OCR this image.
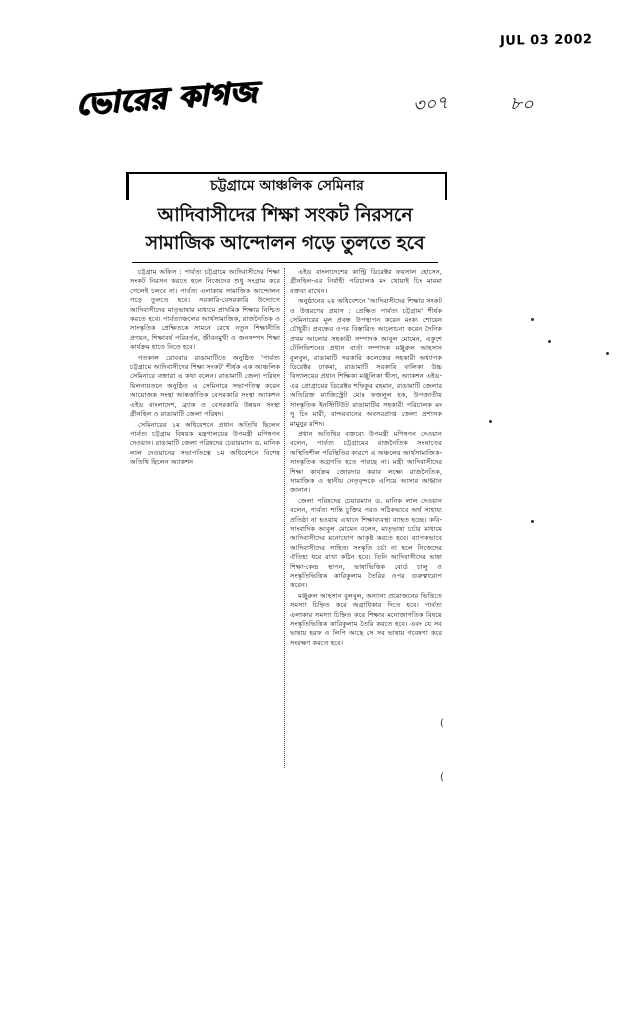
JUL 03 2002
ভোরের কাগজ	৩০৭	৮০
চট্টগ্রামে আঞ্চলিক সেমিনার
আদিবাসীদের শিক্ষা সংকট নিরসনে
সামাজিক আন্দোলন গড়ে তুলতে হবে

চট্টগ্রাম অফিস : পার্বত্য চট্টগ্রামে আদিবাসীদের শিক্ষা সংকট নিরসন করতে হলে নিজেদের শুধু সংগ্রাম করে গেলেই চলবে না। পার্বত্য এলাকায় সামাজিক আন্দোলন গড়ে তুলতে হবে। সরকারি-বেসরকারি উদ্যোগে আদিবাসীদের মাতৃভাষার মাধ্যমে প্রাথমিক শিক্ষার নিশ্চিত করতে হবে। পার্বত্যাঞ্চলের আর্থসামাজিক, রাজনৈতিক ও সাংস্কৃতিক প্রেক্ষিতকে সামনে রেখে নতুন শিক্ষানীতি প্রণয়ন, শিক্ষাবর্ষ পরিবর্তন, জীবনমুখী ও জনসম্পদ শিক্ষা কার্যক্রম হাতে নিতে হবে।

গতকাল রোববার রাঙামাটিতে অনুষ্ঠিত 'পার্বত্য চট্টগ্রামে আদিবাসীদের শিক্ষা সংকট' শীর্ষক এক আঞ্চলিক সেমিনারে বক্তারা এ কথা বলেন। রাঙামাটি জেলা পরিষদ মিলনায়তনে অনুষ্ঠিত এ সেমিনারে সভাপতিত্ব করেন আয়োজক সংস্থা আন্তর্জাতিক বেসরকারি সংস্থা অ্যাকশন এইড বাংলাদেশ, ব্র্যাক ও বেসরকারি উন্নয়ন সংস্থা গ্রীনহিল ও রাঙামাটি জেলা পরিষদ।

সেমিনারের ১ম অধিবেশনে প্রধান অতিথি ছিলেন পার্বত্য চট্টগ্রাম বিষয়ক মন্ত্রণালয়ের উপমন্ত্রী মণিস্বপন দেওয়ান। রাঙামাটি জেলা পরিষদের চেয়ারম্যান ড. মানিক লাল দেওয়ানের সভাপতিত্বে ১ম অধিবেশনে বিশেষ অতিথি ছিলেন অ্যাকশন

এইড বাংলাদেশের কান্ট্রি ডিরেক্টর ফয়সাল হোসেন, গ্রীনহিল-এর নির্বাহী পরিচালক মং থোয়াই চিং মারমা বক্তব্য রাখেন।

অনুষ্ঠানের ২য় অধিবেশনে 'আদিবাসীদের শিক্ষার সংকট ও উত্তরণের প্রয়াস : প্রেক্ষিত পার্বত্য চট্টগ্রাম' শীর্ষক সেমিনারের মূল প্রবন্ধ উপস্থাপন করেন মংক্য শোয়েন চৌধুরী। প্রবন্ধের ওপর বিস্তারিত আলোচনা করেন দৈনিক প্রথম আলোর সহকারী সম্পাদক আবুল মোমেন, একুশে টেলিভিশনের প্রধান বার্তা সম্পাদক মঞ্জুরুল আহসান বুলবুল, রাঙামাটি সরকারি কলেজের সহকারী অধ্যাপক ডিরেক্টর ঢাকমা, রাঙামাটি সরকারি বালিকা উচ্চ বিদ্যালয়ের প্রধান শিক্ষিকা মঞ্জুলিকা খীসা, অ্যাকশন এইড-এর প্রোগ্রামের ডিরেক্টর শফিকুর রহমান, রাঙামাটি জেলার অতিরিক্ত ম্যাজিস্ট্রেট মোঃ ফজলুল হক, উপজাতীয় সাংস্কৃতিক ইনস্টিটিউট রাঙামাটির সহকারী পরিচালক মং সু চিং মারী, বান্দরবানের অবসরপ্রাপ্ত জেলা প্রশাসক মামুনুর রশিদ।

প্রধান অতিথির বক্তব্যে উপমন্ত্রী মণিস্বপন দেওয়ান বলেন, পার্বত্য চট্টগ্রামের রাজনৈতিক সংঘাতের অস্থিতিশীল পরিস্থিতির কারণে এ অঞ্চলের আর্থসামাজিক-সাংস্কৃতিক অগ্রগতি হতে পারছে না। মন্ত্রী আদিবাসীদের শিক্ষা কার্যক্রম জোরদার করার লক্ষ্যে রাজনৈতিক, সামাজিক ও স্থানীয় নেতৃবৃন্দকে এগিয়ে আসার আহ্বান জানান।

জেলা পরিষদের চেয়ারম্যান ড. মানিক লাল দেওয়ান বলেন, পার্বত্য শান্তি চুক্তির পরও সঠিকভাবে অর্থ সাহায্য প্রতিষ্ঠা না হওয়ায় এখানে শিক্ষাব্যবস্থা ব্যাহত হচ্ছে। কবি-সাংবাদিক আবুল মোমেন বলেন, মাতৃভাষা চর্চার মাধ্যমে আদিবাসীদের মনোযোগ আকৃষ্ট করতে হবে। ব্যাপকভাবে আদিবাসীদের সাহিত্য সংস্কৃতি চর্চা না হলে নিজেদের ঐতিহ্য ধরে রাখা কঠিন হবে। তিনি আদিবাসীদের ভাষা শিক্ষা-কেন্দ্র স্থাপন, ভাষাভিত্তিক বোর্ড চালু ও সংস্কৃতিভিত্তিক কারিকুলাম তৈরির ওপর গুরুত্বারোপ করেন।

মঞ্জুরুল আহসান বুলবুল, অন্যান্য প্রয়োজনের ভিত্তিতে সমস্যা চিহ্নিত করে অগ্রাধিকার দিতে হবে। পার্বত্য এলাকার সমস্যা চিহ্নিত করে শিক্ষার মনোজাগতিক বিষয়ে সংস্কৃতিভিত্তিক কারিকুলাম তৈরি করতে হবে। এবং যে সব ভাষায় হরফ ও লিপি আছে সে সব ভাষায় গবেষণা করে সংরক্ষণ করতে হবে।

(
(
